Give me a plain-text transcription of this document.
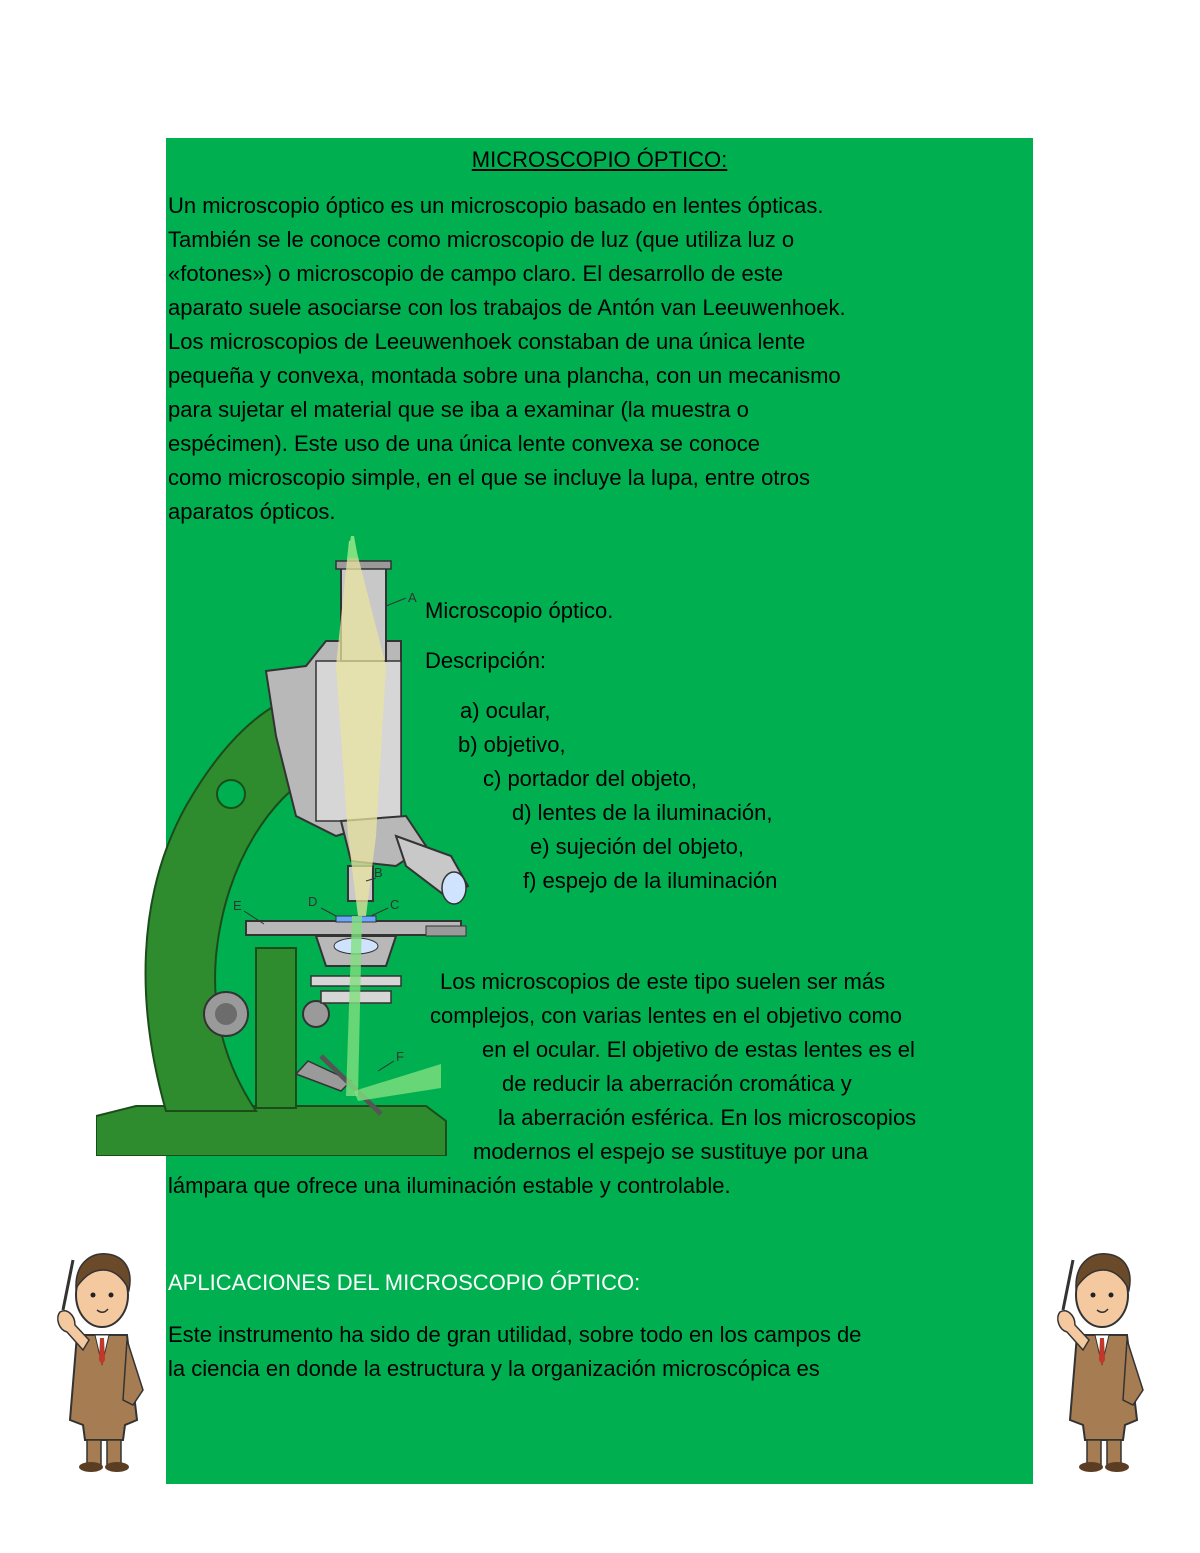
MICROSCOPIO ÓPTICO:

Un microscopio óptico es un microscopio basado en lentes ópticas.

También se le conoce como microscopio de luz (que utiliza luz o

«fotones») o microscopio de campo claro. El desarrollo de este

aparato suele asociarse con los trabajos de Antón van Leeuwenhoek.

Los microscopios de Leeuwenhoek constaban de una única lente

pequeña y convexa, montada sobre una plancha, con un mecanismo

para sujetar el material que se iba a examinar (la muestra o

espécimen). Este uso de una única lente convexa se conoce

como microscopio simple, en el que se incluye la lupa, entre otros

aparatos ópticos.

A
B
C
D
E
F

Microscopio óptico.

Descripción:

a) ocular,

b) objetivo,

c) portador del objeto,

d) lentes de la iluminación,

e) sujeción del objeto,

f) espejo de la iluminación

Los microscopios de este tipo suelen ser más

complejos, con varias lentes en el objetivo como

en el ocular. El objetivo de estas lentes es el

de reducir la aberración cromática y

la aberración esférica. En los microscopios

modernos el espejo se sustituye por una

lámpara que ofrece una iluminación estable y controlable.

APLICACIONES DEL MICROSCOPIO ÓPTICO:

Este instrumento ha sido de gran utilidad, sobre todo en los campos de

la ciencia en donde la estructura y la organización microscópica es
